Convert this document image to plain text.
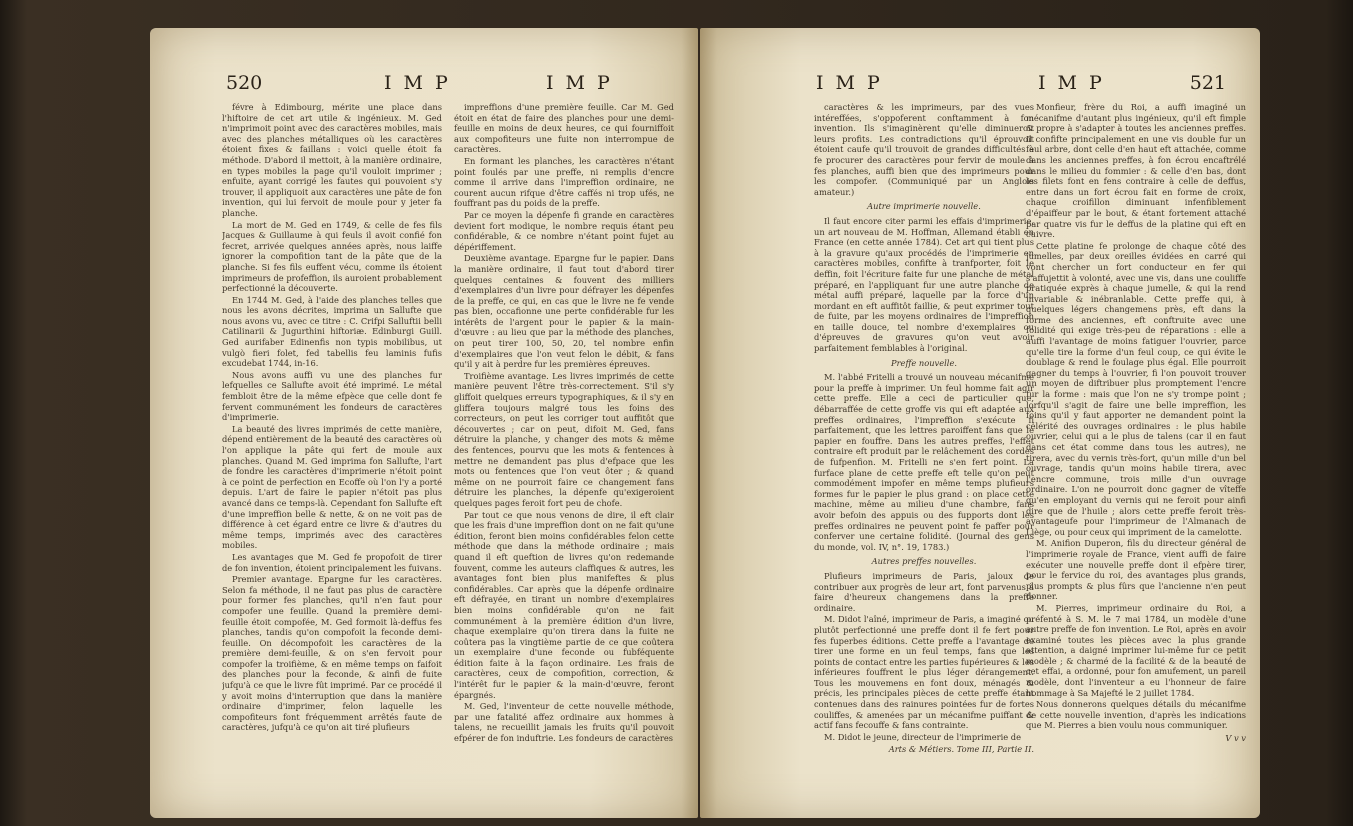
520	I M P	I M P

févre à Edimbourg, mérite une place dans l'hiftoire de cet art utile & ingénieux. M. Ged n'imprimoit point avec des caractères mobiles, mais avec des planches métalliques où les caractères étoient fixes & faillans : voici quelle étoit fa méthode. D'abord il mettoit, à la manière ordinaire, en types mobiles la page qu'il vouloit imprimer ; enfuite, ayant corrigé les fautes qui pouvoient s'y trouver, il appliquoit aux caractères une pâte de fon invention, qui lui fervoit de moule pour y jeter fa planche.

La mort de M. Ged en 1749, & celle de fes fils Jacques & Guillaume à qui feuls il avoit confié fon fecret, arrivée quelques années après, nous laiffe ignorer la compofition tant de la pâte que de la planche. Si fes fils euffent vécu, comme ils étoient imprimeurs de profeffion, ils auroient probablement perfectionné la découverte.

En 1744 M. Ged, à l'aide des planches telles que nous les avons décrites, imprima un Sallufte que nous avons vu, avec ce titre : C. Crifpi Salluftii belli Catilinarii & Jugurthini hiftoriæ. Edinburgi Guill. Ged aurifaber Edinenfis non typis mobilibus, ut vulgò fieri folet, fed tabellis feu laminis fufis excudebat 1744, in-16.

Nous avons auffi vu une des planches fur lefquelles ce Sallufte avoit été imprimé. Le métal fembloit être de la même efpèce que celle dont fe fervent communément les fondeurs de caractères d'imprimerie.

La beauté des livres imprimés de cette manière, dépend entièrement de la beauté des caractères où l'on applique la pâte qui fert de moule aux planches. Quand M. Ged imprima fon Sallufte, l'art de fondre les caractères d'imprimerie n'étoit point à ce point de perfection en Ecoffe où l'on l'y a porté depuis. L'art de faire le papier n'étoit pas plus avancé dans ce temps-là. Cependant fon Sallufte eft d'une impreffion belle & nette, & on ne voit pas de différence à cet égard entre ce livre & d'autres du même temps, imprimés avec des caractères mobiles.

Les avantages que M. Ged fe propofoit de tirer de fon invention, étoient principalement les fuivans.

Premier avantage. Epargne fur les caractères. Selon fa méthode, il ne faut pas plus de caractère pour former fes planches, qu'il n'en faut pour compofer une feuille. Quand la première demi-feuille étoit compofée, M. Ged formoit là-deffus fes planches, tandis qu'on compofoit la feconde demi-feuille. On décompofoit les caractères de la première demi-feuille, & on s'en fervoit pour compofer la troifième, & en même temps on faifoit des planches pour la feconde, & ainfi de fuite jufqu'à ce que le livre fût imprimé. Par ce procédé il y avoit moins d'interruption que dans la manière ordinaire d'imprimer, felon laquelle les compofiteurs font fréquemment arrêtés faute de caractères, jufqu'à ce qu'on ait tiré plufieurs

impreffions d'une première feuille. Car M. Ged étoit en état de faire des planches pour une demi-feuille en moins de deux heures, ce qui fourniffoit aux compofiteurs une fuite non interrompue de caractères.

En formant les planches, les caractères n'étant point foulés par une preffe, ni remplis d'encre comme il arrive dans l'impreffion ordinaire, ne courent aucun rifque d'être caffés ni trop ufés, ne fouffrant pas du poids de la preffe.

Par ce moyen la dépenfe fi grande en caractères devient fort modique, le nombre requis étant peu confidérable, & ce nombre n'étant point fujet au dépériffement.

Deuxième avantage. Epargne fur le papier. Dans la manière ordinaire, il faut tout d'abord tirer quelques centaines & fouvent des milliers d'exemplaires d'un livre pour défrayer les dépenfes de la preffe, ce qui, en cas que le livre ne fe vende pas bien, occafionne une perte confidérable fur les intérêts de l'argent pour le papier & la main-d'œuvre : au lieu que par la méthode des planches, on peut tirer 100, 50, 20, tel nombre enfin d'exemplaires que l'on veut felon le débit, & fans qu'il y ait à perdre fur les premières épreuves.

Troifième avantage. Les livres imprimés de cette manière peuvent l'être très-correctement. S'il s'y gliffoit quelques erreurs typographiques, & il s'y en gliffera toujours malgré tous les foins des correcteurs, on peut les corriger tout auffitôt que découvertes ; car on peut, difoit M. Ged, fans détruire la planche, y changer des mots & même des fentences, pourvu que les mots & fentences à mettre ne demandent pas plus d'efpace que les mots ou fentences que l'on veut ôter ; & quand même on ne pourroit faire ce changement fans détruire les planches, la dépenfe qu'exigeroient quelques pages feroit fort peu de chofe.

Par tout ce que nous venons de dire, il eft clair que les frais d'une impreffion dont on ne fait qu'une édition, feront bien moins confidérables felon cette méthode que dans la méthode ordinaire ; mais quand il eft queftion de livres qu'on redemande fouvent, comme les auteurs claffiques & autres, les avantages font bien plus manifeftes & plus confidérables. Car après que la dépenfe ordinaire eft défrayée, en tirant un nombre d'exemplaires bien moins confidérable qu'on ne fait communément à la première édition d'un livre, chaque exemplaire qu'on tirera dans la fuite ne coûtera pas la vingtième partie de ce que coûtera un exemplaire d'une feconde ou fubféquente édition faite à la façon ordinaire. Les frais de caractères, ceux de compofition, correction, & l'intérêt fur le papier & la main-d'œuvre, feront épargnés.

M. Ged, l'inventeur de cette nouvelle méthode, par une fatalité affez ordinaire aux hommes à talens, ne recueillit jamais les fruits qu'il pouvoit efpérer de fon induftrie. Les fondeurs de caractères

I M P	I M P	521

caractères & les imprimeurs, par des vues intéreffées, s'oppoferent conftamment à fon invention. Ils s'imaginèrent qu'elle diminueroit leurs profits. Les contradictions qu'il éprouvoit étoient caufe qu'il trouvoit de grandes difficultés à fe procurer des caractères pour fervir de moule à fes planches, auffi bien que des imprimeurs pour les compofer. (Communiqué par un Anglois amateur.)

Autre imprimerie nouvelle.

Il faut encore citer parmi les effais d'imprimerie, un art nouveau de M. Hoffman, Allemand établi en France (en cette année 1784). Cet art qui tient plus à la gravure qu'aux procédés de l'imprimerie en caractères mobiles, confifte à tranfporter, foit le deffin, foit l'écriture faite fur une planche de métal préparé, en l'appliquant fur une autre planche de métal auffi préparé, laquelle par la force d'un mordant en eft auffitôt faillie, & peut exprimer tout de fuite, par les moyens ordinaires de l'impreffion en taille douce, tel nombre d'exemplaires ou d'épreuves de gravures qu'on veut avoir parfaitement femblables à l'original.

Preffe nouvelle.

M. l'abbé Fritelli a trouvé un nouveau mécanifme pour la preffe à imprimer. Un feul homme fait agir cette preffe. Elle a ceci de particulier que, débarraffée de cette groffe vis qui eft adaptée aux preffes ordinaires, l'impreffion s'exécute fi parfaitement, que les lettres paroiffent fans que le papier en fouffre. Dans les autres preffes, l'effet contraire eft produit par le relâchement des cordes de fufpenfion. M. Fritelli ne s'en fert point. La furface plane de cette preffe eft telle qu'on peut commodément impofer en même temps plufieurs formes fur le papier le plus grand : on place cette machine, même au milieu d'une chambre, fans avoir befoin des appuis ou des fupports dont les preffes ordinaires ne peuvent point fe paffer pour conferver une certaine folidité. (Journal des gens du monde, vol. IV, n°. 19, 1783.)

Autres preffes nouvelles.

Plufieurs imprimeurs de Paris, jaloux de contribuer aux progrès de leur art, font parvenus à faire d'heureux changemens dans la preffe ordinaire.

M. Didot l'aîné, imprimeur de Paris, a imaginé ou plutôt perfectionné une preffe dont il fe fert pour fes fuperbes éditions. Cette preffe a l'avantage de tirer une forme en un feul temps, fans que les points de contact entre les parties fupérieures & les inférieures fouffrent le plus léger dérangement. Tous les mouvemens en font doux, ménagés & précis, les principales pièces de cette preffe étant contenues dans des rainures pointées fur de fortes couliffes, & amenées par un mécanifme puiffant & actif fans fecouffe & fans contrainte.

M. Didot le jeune, directeur de l'imprimerie de

Arts & Métiers. Tome III, Partie II.

Monfieur, frère du Roi, a auffi imaginé un mécanifme d'autant plus ingénieux, qu'il eft fimple & propre à s'adapter à toutes les anciennes preffes. Il confifte principalement en une vis double fur un feul arbre, dont celle d'en haut eft attachée, comme dans les anciennes preffes, à fon écrou encaftrélé dans le milieu du fommier : & celle d'en bas, dont les filets font en fens contraire à celle de deffus, entre dans un fort écrou fait en forme de croix, chaque croifillon diminuant infenfiblement d'épaiffeur par le bout, & étant fortement attaché par quatre vis fur le deffus de la platine qui eft en cuivre.

Cette platine fe prolonge de chaque côté des jumelles, par deux oreilles évidées en carré qui vont chercher un fort conducteur en fer qui s'affujettit à volonté, avec une vis, dans une couliffe pratiquée exprès à chaque jumelle, & qui la rend invariable & inébranlable. Cette preffe qui, à quelques légers changemens près, eft dans la forme des anciennes, eft conftruite avec une folidité qui exige très-peu de réparations : elle a auffi l'avantage de moins fatiguer l'ouvrier, parce qu'elle tire la forme d'un feul coup, ce qui évite le doublage & rend le foulage plus égal. Elle pourroit gagner du temps à l'ouvrier, fi l'on pouvoit trouver un moyen de diftribuer plus promptement l'encre fur la forme : mais que l'on ne s'y trompe point ; lorfqu'il s'agit de faire une belle impreffion, les foins qu'il y faut apporter ne demandent point la célérité des ouvrages ordinaires : le plus habile ouvrier, celui qui a le plus de talens (car il en faut dans cet état comme dans tous les autres), ne tirera, avec du vernis très-fort, qu'un mille d'un bel ouvrage, tandis qu'un moins habile tirera, avec l'encre commune, trois mille d'un ouvrage ordinaire. L'on ne pourroit donc gagner de vîteffe qu'en employant du vernis qui ne feroit pour ainfi dire que de l'huile ; alors cette preffe feroit très-avantageufe pour l'imprimeur de l'Almanach de Liège, ou pour ceux qui impriment de la camelotte.

M. Anifion Duperon, fils du directeur général de l'imprimerie royale de France, vient auffi de faire exécuter une nouvelle preffe dont il efpère tirer, pour le fervice du roi, des avantages plus grands, plus prompts & plus fûrs que l'ancienne n'en peut donner.

M. Pierres, imprimeur ordinaire du Roi, a préfenté à S. M. le 7 mai 1784, un modèle d'une autre preffe de fon invention. Le Roi, après en avoir examiné toutes les pièces avec la plus grande attention, a daigné imprimer lui-même fur ce petit modèle ; & charmé de la facilité & de la beauté de cet effai, a ordonné, pour fon amufement, un pareil modèle, dont l'inventeur a eu l'honneur de faire hommage à Sa Majefté le 2 juillet 1784.

Nous donnerons quelques détails du mécanifme de cette nouvelle invention, d'après les indications que M. Pierres a bien voulu nous communiquer.

V v v
